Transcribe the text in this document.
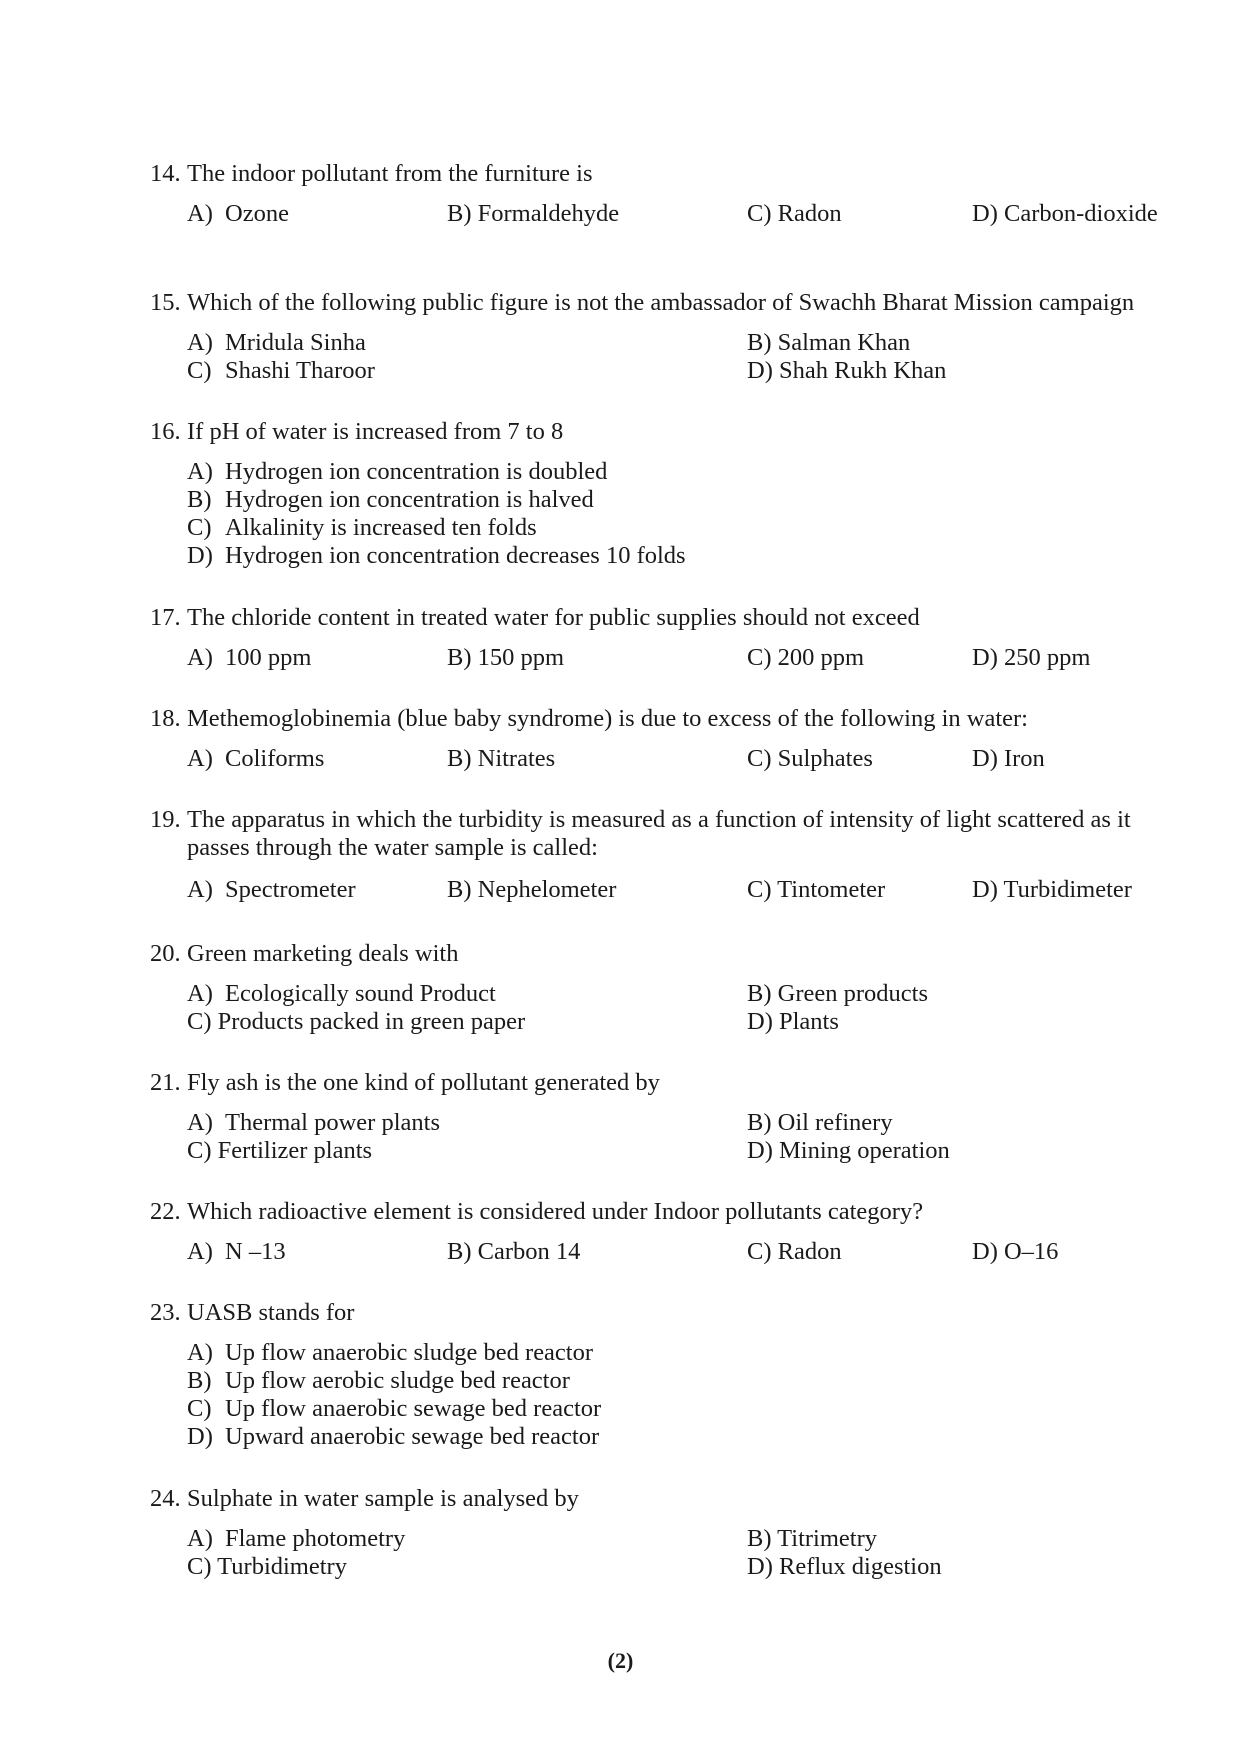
14. The indoor pollutant from the furniture is
A) Ozone	B) Formaldehyde	C) Radon	D) Carbon-dioxide
15. Which of the following public figure is not the ambassador of Swachh Bharat Mission campaign
A) Mridula Sinha	B) Salman Khan
C) Shashi Tharoor	D) Shah Rukh Khan
16. If pH of water is increased from 7 to 8
A) Hydrogen ion concentration is doubled
B) Hydrogen ion concentration is halved
C) Alkalinity is increased ten folds
D) Hydrogen ion concentration decreases 10 folds
17. The chloride content in treated water for public supplies should not exceed
A) 100 ppm	B) 150 ppm	C) 200 ppm	D) 250 ppm
18. Methemoglobinemia (blue baby syndrome) is due to excess of the following in water:
A) Coliforms	B) Nitrates	C) Sulphates	D) Iron
19. The apparatus in which the turbidity is measured as a function of intensity of light scattered as it passes through the water sample is called:
A) Spectrometer	B) Nephelometer	C) Tintometer	D) Turbidimeter
20. Green marketing deals with
A) Ecologically sound Product	B) Green products
C) Products packed in green paper	D) Plants
21. Fly ash is the one kind of pollutant generated by
A) Thermal power plants	B) Oil refinery
C) Fertilizer plants	D) Mining operation
22. Which radioactive element is considered under Indoor pollutants category?
A) N –13	B) Carbon 14	C) Radon	D) O–16
23. UASB stands for
A) Up flow anaerobic sludge bed reactor
B) Up flow aerobic sludge bed reactor
C) Up flow anaerobic sewage bed reactor
D) Upward anaerobic sewage bed reactor
24. Sulphate in water sample is analysed by
A) Flame photometry	B) Titrimetry
C) Turbidimetry	D) Reflux digestion
(2)
